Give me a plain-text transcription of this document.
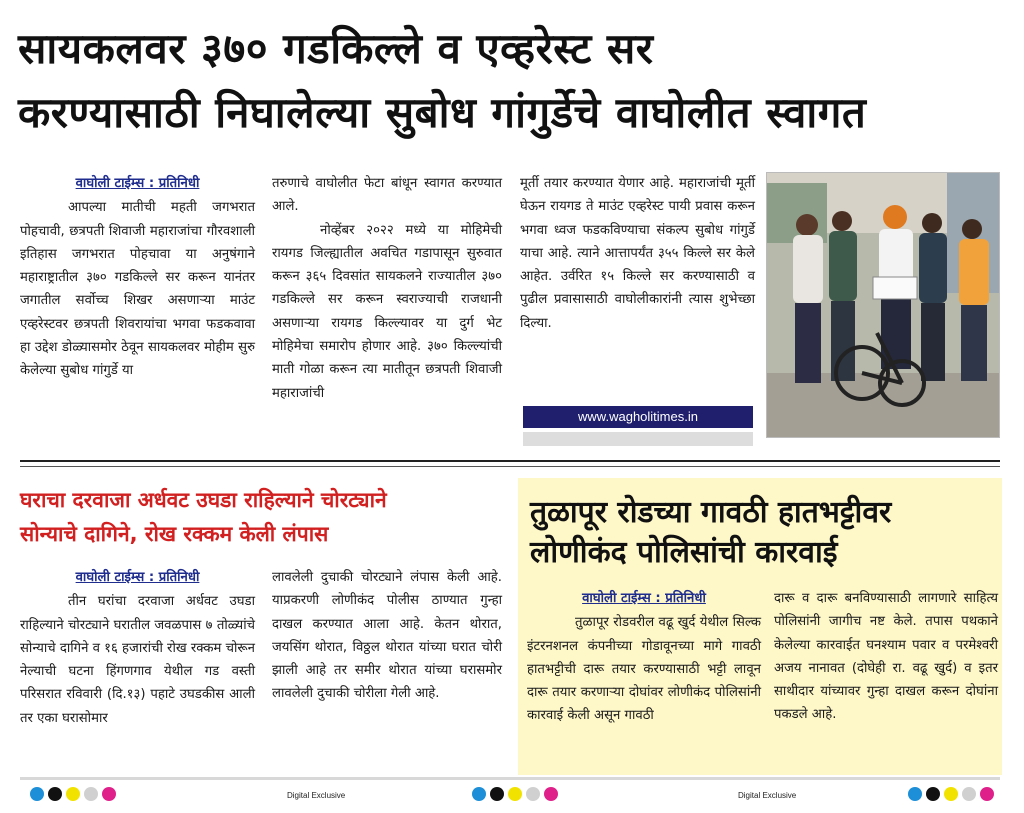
सायकलवर ३७० गडकिल्ले व एव्हरेस्ट सर
करण्यासाठी निघालेल्या सुबोध गांगुर्डेचे वाघोलीत स्वागत
वाघोली टाईम्स : प्रतिनिधी

आपल्या मातीची महती जगभरात पोहचावी, छत्रपती शिवाजी महाराजांचा गौरवशाली इतिहास जगभरात पोहचावा या अनुषंगाने महाराष्ट्रातील ३७० गडकिल्ले सर करून यानंतर जगातील सर्वोच्च शिखर असणाऱ्या माउंट एव्हरेस्टवर छत्रपती शिवरायांचा भगवा फडकवावा हा उद्देश डोळ्यासमोर ठेवून सायकलवर मोहीम सुरु केलेल्या सुबोध गांगुर्डे या

तरुणाचे वाघोलीत फेटा बांधून स्वागत करण्यात आले.

नोव्हेंबर २०२२ मध्ये या मोहिमेची रायगड जिल्ह्यातील अवचित गडापासून सुरुवात करून ३६५ दिवसांत सायकलने राज्यातील ३७० गडकिल्ले सर करून स्वराज्याची राजधानी असणाऱ्या रायगड किल्ल्यावर या दुर्ग भेट मोहिमेचा समारोप होणार आहे. ३७० किल्ल्यांची माती गोळा करून त्या मातीतून छत्रपती शिवाजी महाराजांची

मूर्ती तयार करण्यात येणार आहे. महाराजांची मूर्ती घेऊन रायगड ते माउंट एव्हरेस्ट पायी प्रवास करून भगवा ध्वज फडकविण्याचा संकल्प सुबोध गांगुर्डे याचा आहे. त्याने आत्तापर्यंत ३५५ किल्ले सर केले आहेत. उर्वरित १५ किल्ले सर करण्यासाठी व पुढील प्रवासासाठी वाघोलीकारांनी त्यास शुभेच्छा दिल्या.

www.wagholitimes.in
घराचा दरवाजा अर्धवट उघडा राहिल्याने चोरट्याने
सोन्याचे दागिने, रोख रक्कम केली लंपास
वाघोली टाईम्स : प्रतिनिधी

तीन घरांचा दरवाजा अर्धवट उघडा राहिल्याने चोरट्याने घरातील जवळपास ७ तोळ्यांचे सोन्याचे दागिने व १६ हजारांची रोख रक्कम चोरून नेल्याची घटना हिंगणगाव येथील गड वस्ती परिसरात रविवारी (दि.१३) पहाटे उघडकीस आली तर एका घरासोमार

लावलेली दुचाकी चोरट्याने लंपास केली आहे. याप्रकरणी लोणीकंद पोलीस ठाण्यात गुन्हा दाखल करण्यात आला आहे. केतन थोरात, जयसिंग थोरात, विठ्ठल थोरात यांच्या घरात चोरी झाली आहे तर समीर थोरात यांच्या घरासमोर लावलेली दुचाकी चोरीला गेली आहे.

तुळापूर रोडच्या गावठी हातभट्टीवर
लोणीकंद पोलिसांची कारवाई
वाघोली टाईम्स : प्रतिनिधी

तुळापूर रोडवरील वढू खुर्द येथील सिल्क इंटरनशनल कंपनीच्या गोडावूनच्या मागे गावठी हातभट्टीची दारू तयार करण्यासाठी भट्टी लावून दारू तयार करणाऱ्या दोघांवर लोणीकंद पोलिसांनी कारवाई केली असून गावठी

दारू व दारू बनविण्यासाठी लागणारे साहित्य पोलिसांनी जागीच नष्ट केले. तपास पथकाने केलेल्या कारवाईत घनश्याम पवार व परमेश्वरी अजय नानावत (दोघेही रा. वढू खुर्द) व इतर साथीदार यांच्यावर गुन्हा दाखल करून दोघांना पकडले आहे.

Digital Exclusive	Digital Exclusive
